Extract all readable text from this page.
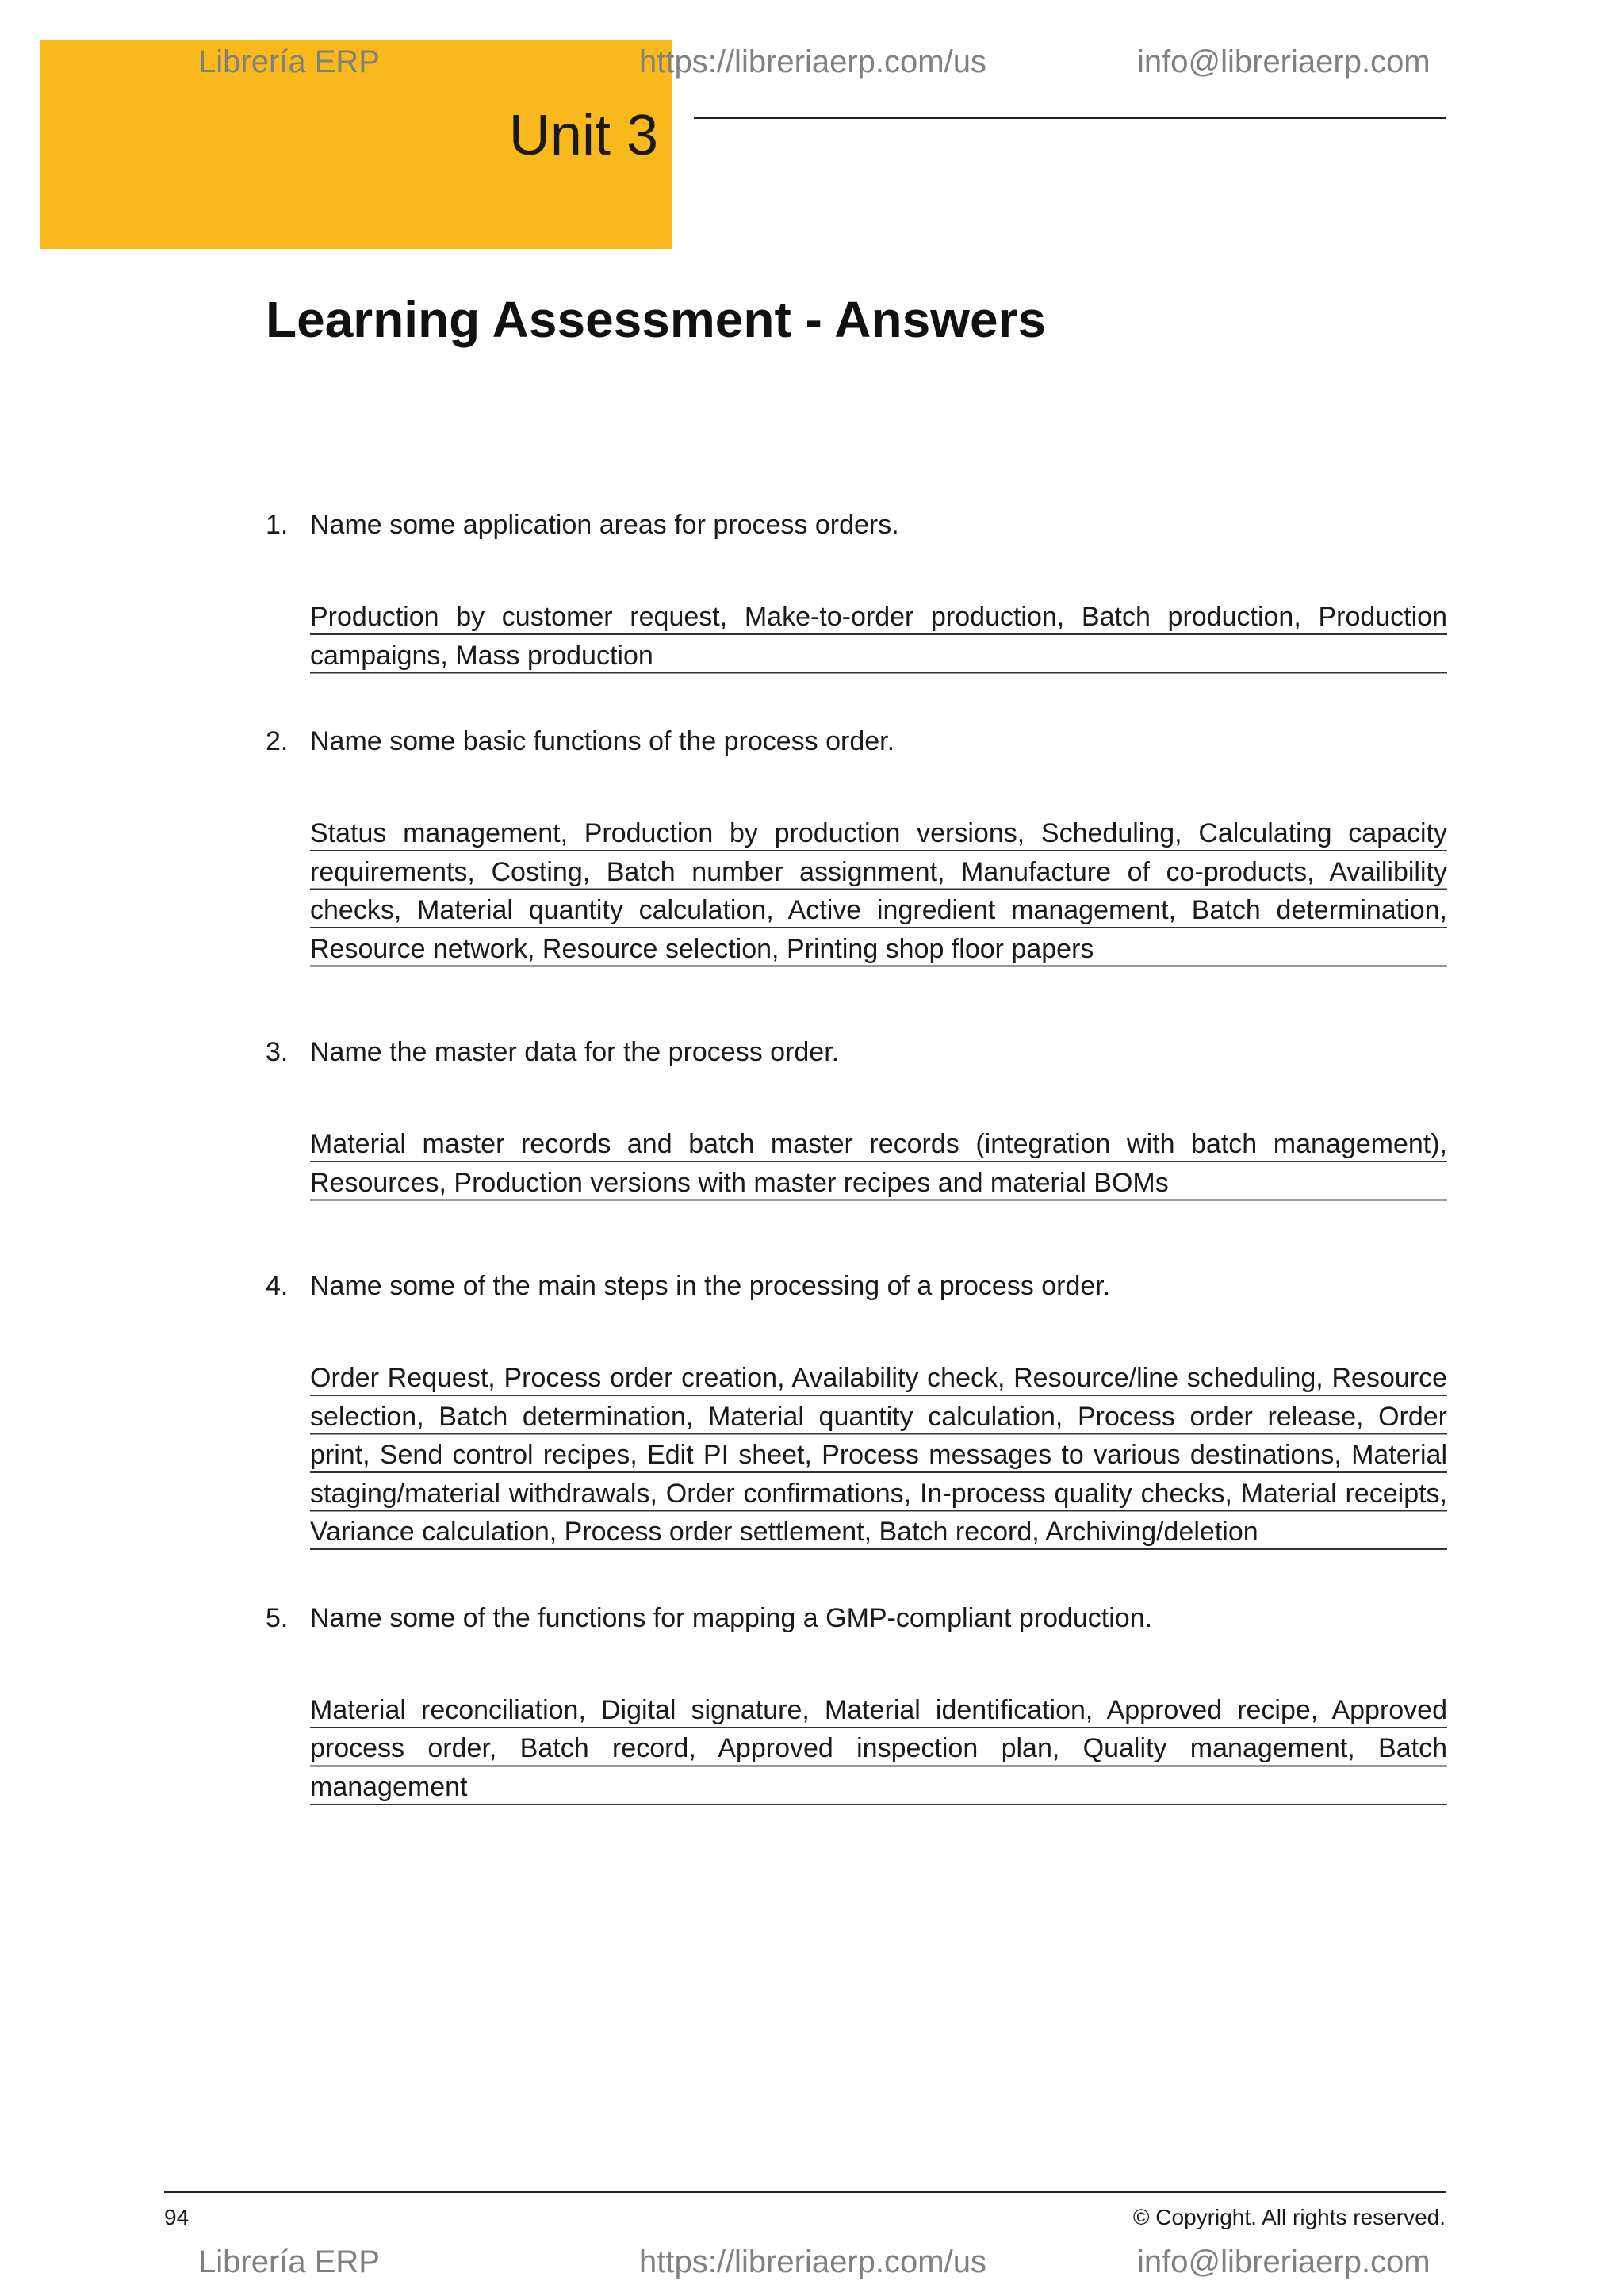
Unit 3
Librería ERP	https://libreriaerp.com/us	info@libreriaerp.com
Learning Assessment - Answers
1. Name some application areas for process orders.
Production by customer request, Make-to-order production, Batch production, Production campaigns, Mass production
2. Name some basic functions of the process order.
Status management, Production by production versions, Scheduling, Calculating capacity requirements, Costing, Batch number assignment, Manufacture of co-products, Availibility checks, Material quantity calculation, Active ingredient management, Batch determination, Resource network, Resource selection, Printing shop floor papers
3. Name the master data for the process order.
Material master records and batch master records (integration with batch management), Resources, Production versions with master recipes and material BOMs
4. Name some of the main steps in the processing of a process order.
Order Request, Process order creation, Availability check, Resource/line scheduling, Resource selection, Batch determination, Material quantity calculation, Process order release, Order print, Send control recipes, Edit PI sheet, Process messages to various destinations, Material staging/material withdrawals, Order confirmations, In-process quality checks, Material receipts, Variance calculation, Process order settlement, Batch record, Archiving/deletion
5. Name some of the functions for mapping a GMP-compliant production.
Material reconciliation, Digital signature, Material identification, Approved recipe, Approved process order, Batch record, Approved inspection plan, Quality management, Batch management
94	© Copyright. All rights reserved.
Librería ERP	https://libreriaerp.com/us	info@libreriaerp.com
